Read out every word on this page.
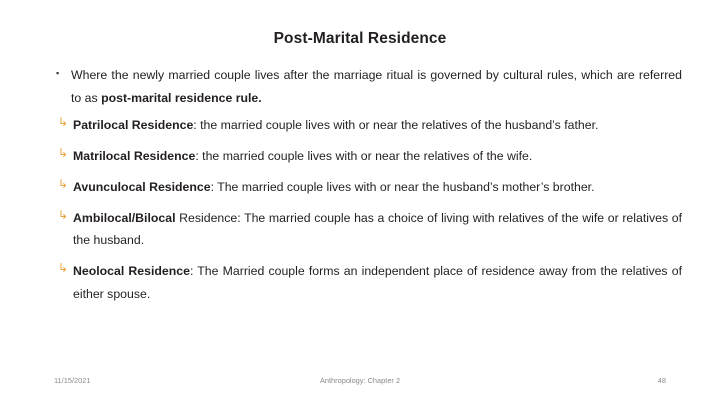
Post-Marital Residence
▪ Where the newly married couple lives after the marriage ritual is governed by cultural rules, which are referred to as post-marital residence rule.
↳ Patrilocal Residence: the married couple lives with or near the relatives of the husband’s father.
↳ Matrilocal Residence: the married couple lives with or near the relatives of the wife.
↳ Avunculocal Residence: The married couple lives with or near the husband’s mother’s brother.
↳ Ambilocal/Bilocal Residence: The married couple has a choice of living with relatives of the wife or relatives of the husband.
↳ Neolocal Residence: The Married couple forms an independent place of residence away from the relatives of either spouse.
11/15/2021	Anthropology: Chapter 2	48
